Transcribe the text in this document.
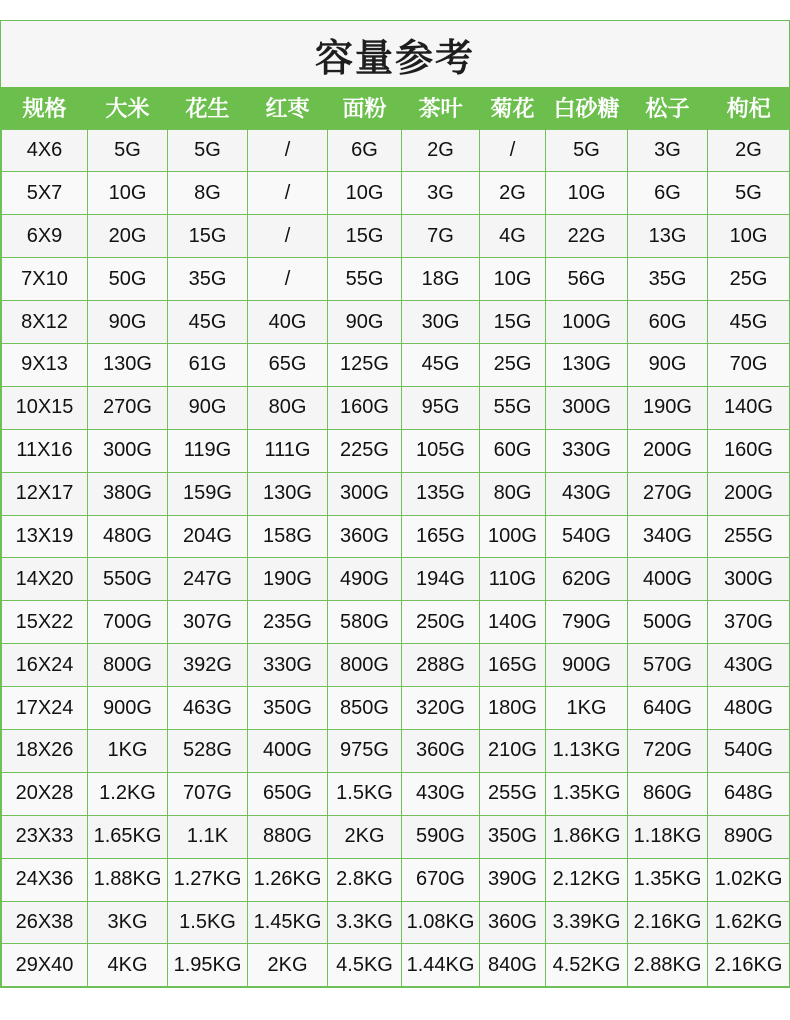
容量参考
规格	大米	花生	红枣	面粉	茶叶	菊花	白砂糖	松子	枸杞
4X6	5G	5G	/	6G	2G	/	5G	3G	2G
5X7	10G	8G	/	10G	3G	2G	10G	6G	5G
6X9	20G	15G	/	15G	7G	4G	22G	13G	10G
7X10	50G	35G	/	55G	18G	10G	56G	35G	25G
8X12	90G	45G	40G	90G	30G	15G	100G	60G	45G
9X13	130G	61G	65G	125G	45G	25G	130G	90G	70G
10X15	270G	90G	80G	160G	95G	55G	300G	190G	140G
11X16	300G	119G	111G	225G	105G	60G	330G	200G	160G
12X17	380G	159G	130G	300G	135G	80G	430G	270G	200G
13X19	480G	204G	158G	360G	165G	100G	540G	340G	255G
14X20	550G	247G	190G	490G	194G	110G	620G	400G	300G
15X22	700G	307G	235G	580G	250G	140G	790G	500G	370G
16X24	800G	392G	330G	800G	288G	165G	900G	570G	430G
17X24	900G	463G	350G	850G	320G	180G	1KG	640G	480G
18X26	1KG	528G	400G	975G	360G	210G	1.13KG	720G	540G
20X28	1.2KG	707G	650G	1.5KG	430G	255G	1.35KG	860G	648G
23X33	1.65KG	1.1K	880G	2KG	590G	350G	1.86KG	1.18KG	890G
24X36	1.88KG	1.27KG	1.26KG	2.8KG	670G	390G	2.12KG	1.35KG	1.02KG
26X38	3KG	1.5KG	1.45KG	3.3KG	1.08KG	360G	3.39KG	2.16KG	1.62KG
29X40	4KG	1.95KG	2KG	4.5KG	1.44KG	840G	4.52KG	2.88KG	2.16KG
